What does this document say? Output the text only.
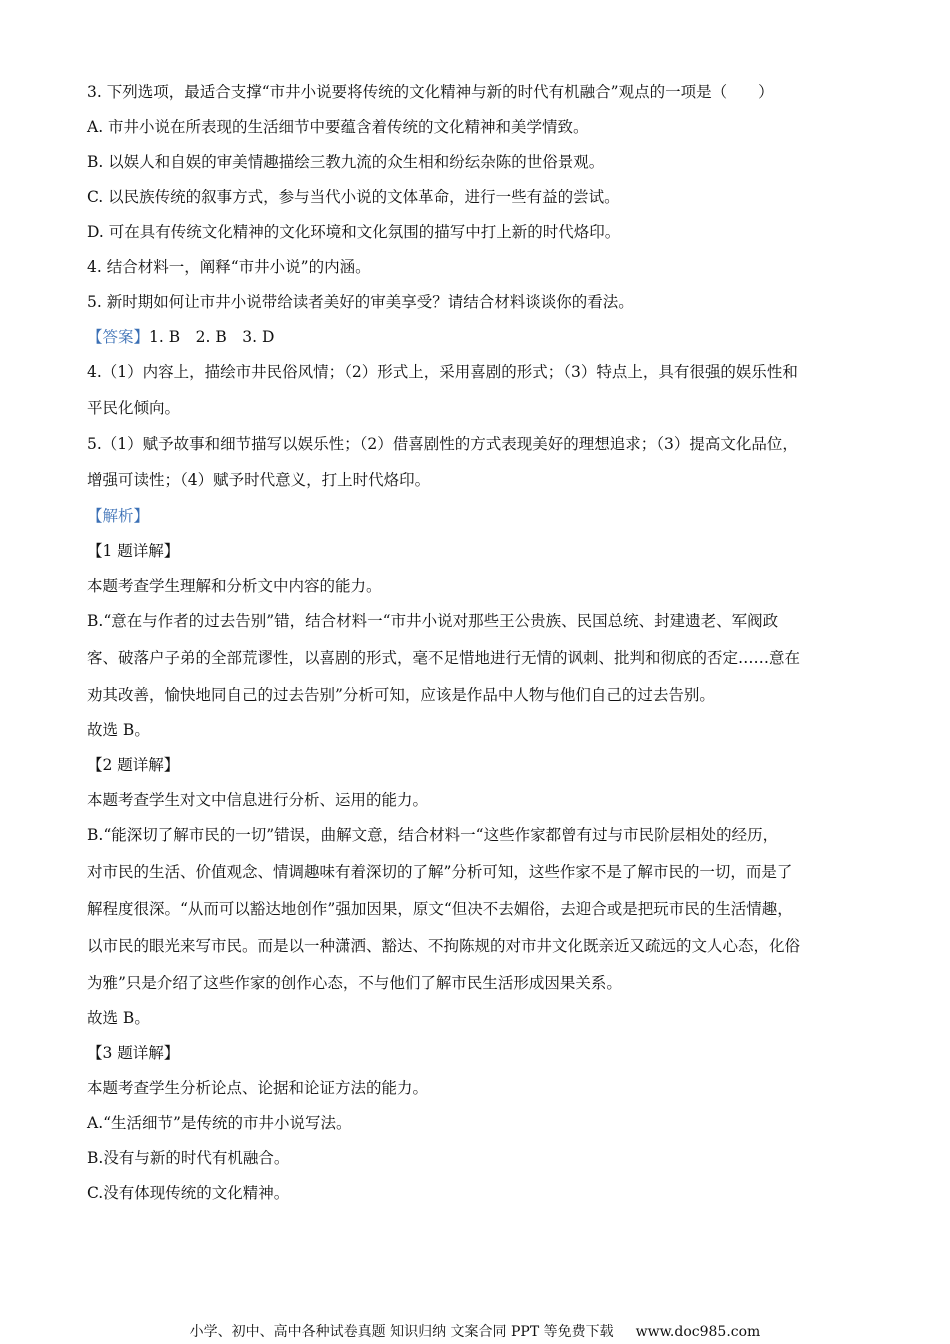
3. 下列选项，最适合支撑“市井小说要将传统的文化精神与新的时代有机融合”观点的一项是（　　）
A. 市井小说在所表现的生活细节中要蕴含着传统的文化精神和美学情致。
B. 以娱人和自娱的审美情趣描绘三教九流的众生相和纷纭杂陈的世俗景观。
C. 以民族传统的叙事方式，参与当代小说的文体革命，进行一些有益的尝试。
D. 可在具有传统文化精神的文化环境和文化氛围的描写中打上新的时代烙印。
4. 结合材料一，阐释“市井小说”的内涵。
5. 新时期如何让市井小说带给读者美好的审美享受？请结合材料谈谈你的看法。
【答案】1. B　2. B　3. D
4.（1）内容上，描绘市井民俗风情；（2）形式上，采用喜剧的形式；（3）特点上，具有很强的娱乐性和
平民化倾向。
5.（1）赋予故事和细节描写以娱乐性；（2）借喜剧性的方式表现美好的理想追求；（3）提高文化品位，
增强可读性；（4）赋予时代意义，打上时代烙印。
【解析】
【1 题详解】
本题考查学生理解和分析文中内容的能力。
B.“意在与作者的过去告别”错，结合材料一“市井小说对那些王公贵族、民国总统、封建遗老、军阀政
客、破落户子弟的全部荒谬性，以喜剧的形式，毫不足惜地进行无情的讽刺、批判和彻底的否定……意在
劝其改善，愉快地同自己的过去告别”分析可知，应该是作品中人物与他们自己的过去告别。
故选 B。
【2 题详解】
本题考查学生对文中信息进行分析、运用的能力。
B.“能深切了解市民的一切”错误，曲解文意，结合材料一“这些作家都曾有过与市民阶层相处的经历，
对市民的生活、价值观念、情调趣味有着深切的了解”分析可知，这些作家不是了解市民的一切，而是了
解程度很深。“从而可以豁达地创作”强加因果，原文“但决不去媚俗，去迎合或是把玩市民的生活情趣，
以市民的眼光来写市民。而是以一种潇洒、豁达、不拘陈规的对市井文化既亲近又疏远的文人心态，化俗
为雅”只是介绍了这些作家的创作心态，不与他们了解市民生活形成因果关系。
故选 B。
【3 题详解】
本题考查学生分析论点、论据和论证方法的能力。
A.“生活细节”是传统的市井小说写法。
B.没有与新的时代有机融合。
C.没有体现传统的文化精神。
小学、初中、高中各种试卷真题 知识归纳 文案合同 PPT 等免费下载 www.doc985.com
